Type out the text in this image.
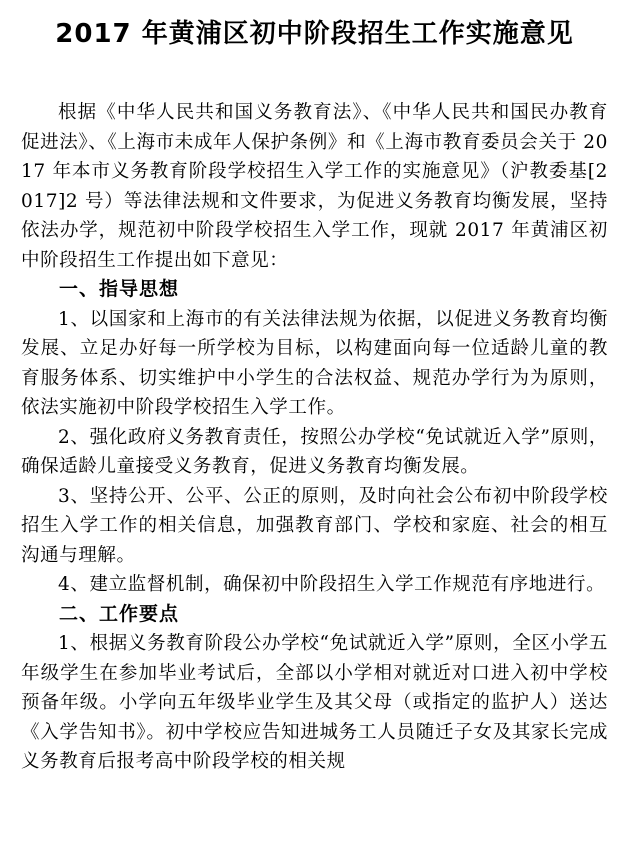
2017 年黄浦区初中阶段招生工作实施意见

根据《中华人民共和国义务教育法》、《中华人民共和国民办教育促进法》、《上海市未成年人保护条例》和《上海市教育委员会关于 2017 年本市义务教育阶段学校招生入学工作的实施意见》（沪教委基[2017]2 号）等法律法规和文件要求，为促进义务教育均衡发展，坚持依法办学，规范初中阶段学校招生入学工作，现就 2017 年黄浦区初中阶段招生工作提出如下意见：

一、指导思想

1、以国家和上海市的有关法律法规为依据，以促进义务教育均衡发展、立足办好每一所学校为目标，以构建面向每一位适龄儿童的教育服务体系、切实维护中小学生的合法权益、规范办学行为为原则，依法实施初中阶段学校招生入学工作。

2、强化政府义务教育责任，按照公办学校“免试就近入学”原则，确保适龄儿童接受义务教育，促进义务教育均衡发展。

3、坚持公开、公平、公正的原则，及时向社会公布初中阶段学校招生入学工作的相关信息，加强教育部门、学校和家庭、社会的相互沟通与理解。

4、建立监督机制，确保初中阶段招生入学工作规范有序地进行。

二、工作要点

1、根据义务教育阶段公办学校“免试就近入学”原则，全区小学五年级学生在参加毕业考试后，全部以小学相对就近对口进入初中学校预备年级。小学向五年级毕业学生及其父母（或指定的监护人）送达《入学告知书》。初中学校应告知进城务工人员随迁子女及其家长完成义务教育后报考高中阶段学校的相关规
